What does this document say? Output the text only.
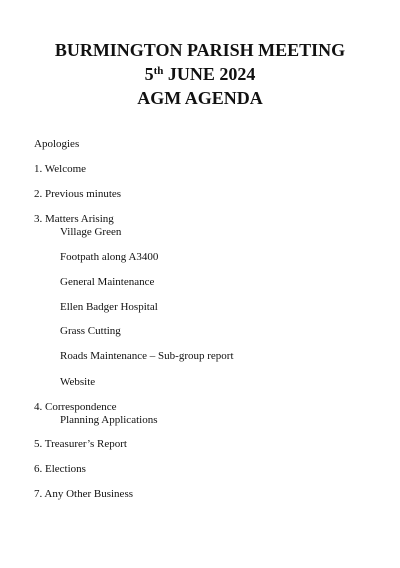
BURMINGTON PARISH MEETING
5th JUNE 2024
AGM AGENDA
Apologies
1. Welcome
2. Previous minutes
3. Matters Arising
Village Green
Footpath along A3400
General Maintenance
Ellen Badger Hospital
Grass Cutting
Roads Maintenance – Sub-group report
Website
4. Correspondence
Planning Applications
5. Treasurer’s Report
6. Elections
7. Any Other Business
